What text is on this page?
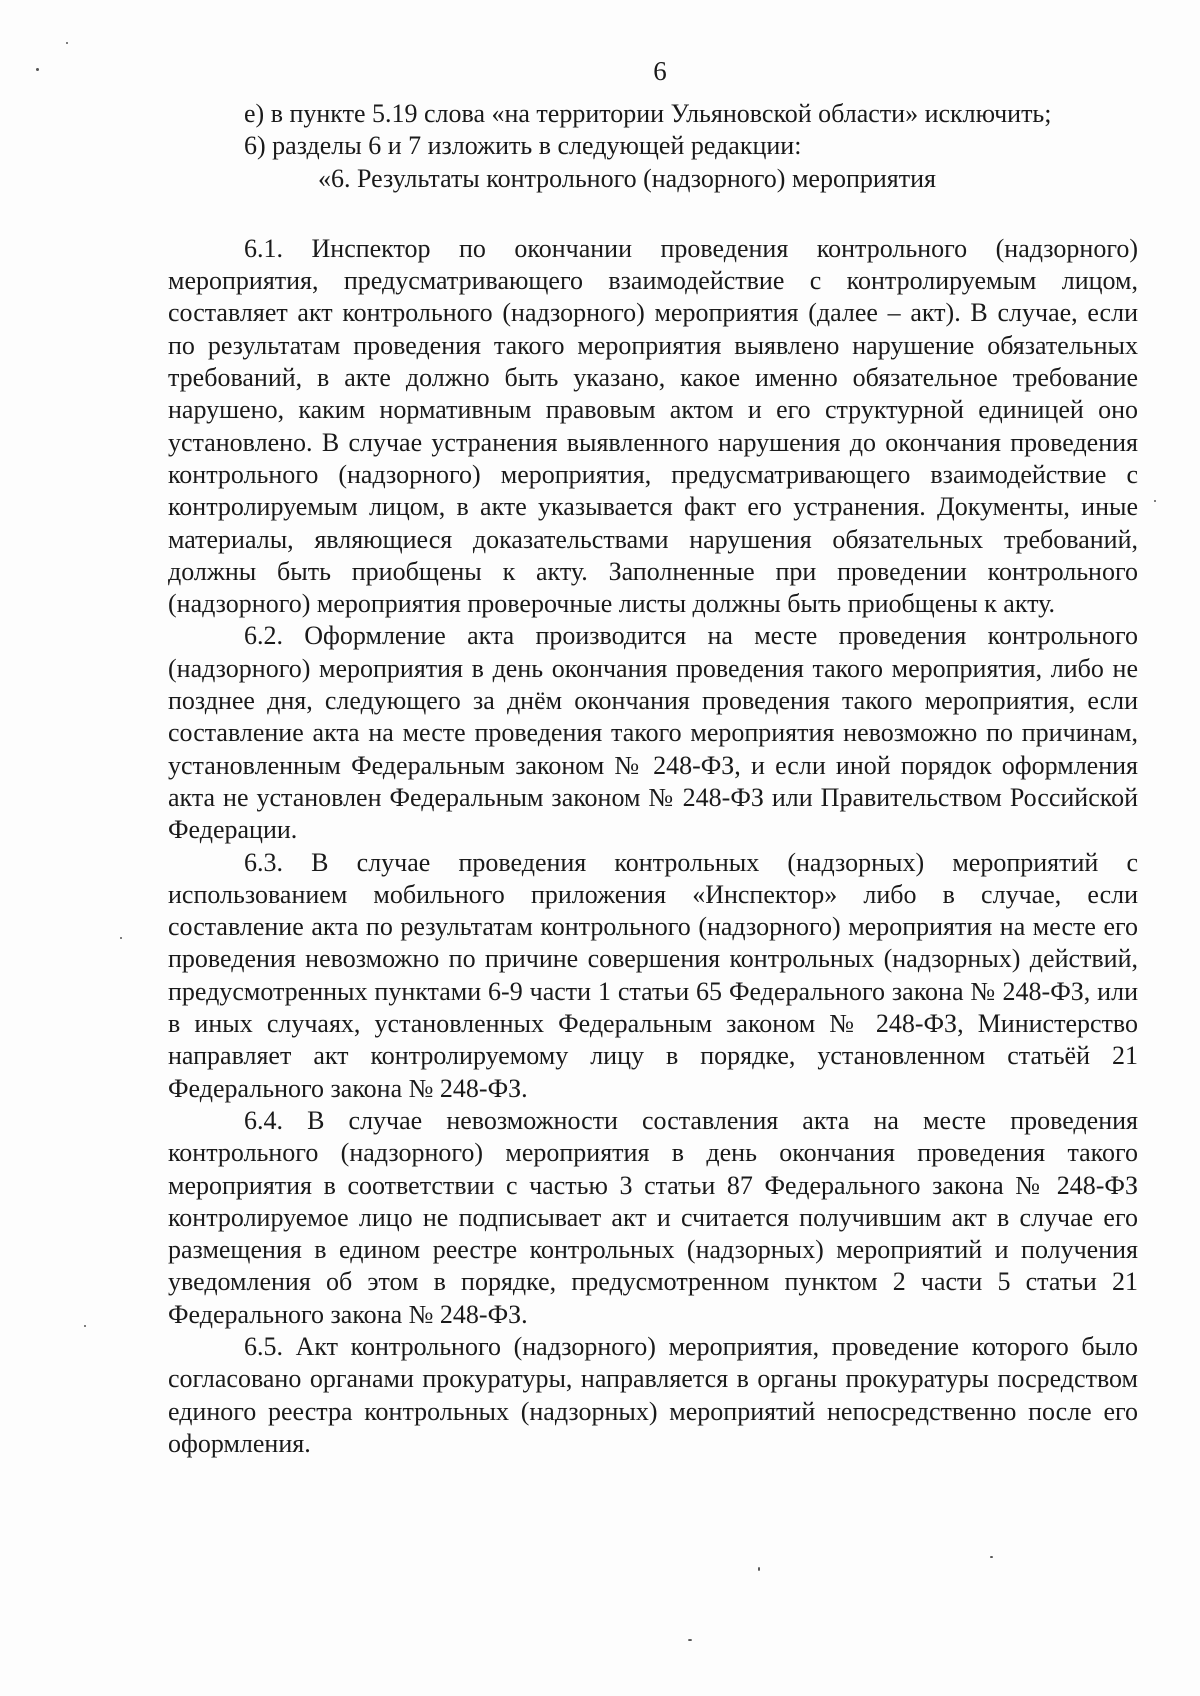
6

е) в пункте 5.19 слова «на территории Ульяновской области» исключить;

6) разделы 6 и 7 изложить в следующей редакции:

«6. Результаты контрольного (надзорного) мероприятия

6.1. Инспектор по окончании проведения контрольного (надзорного) мероприятия, предусматривающего взаимодействие с контролируемым лицом, составляет акт контрольного (надзорного) мероприятия (далее – акт). В случае, если по результатам проведения такого мероприятия выявлено нарушение обязательных требований, в акте должно быть указано, какое именно обязательное требование нарушено, каким нормативным правовым актом и его структурной единицей оно установлено. В случае устранения выявленного нарушения до окончания проведения контрольного (надзорного) мероприятия, предусматривающего взаимодействие с контролируемым лицом, в акте указывается факт его устранения. Документы, иные материалы, являющиеся доказательствами нарушения обязательных требований, должны быть приобщены к акту. Заполненные при проведении контрольного (надзорного) мероприятия проверочные листы должны быть приобщены к акту.

6.2. Оформление акта производится на месте проведения контрольного (надзорного) мероприятия в день окончания проведения такого мероприятия, либо не позднее дня, следующего за днём окончания проведения такого мероприятия, если составление акта на месте проведения такого мероприятия невозможно по причинам, установленным Федеральным законом № 248-ФЗ, и если иной порядок оформления акта не установлен Федеральным законом № 248-ФЗ или Правительством Российской Федерации.

6.3. В случае проведения контрольных (надзорных) мероприятий с использованием мобильного приложения «Инспектор» либо в случае, если составление акта по результатам контрольного (надзорного) мероприятия на месте его проведения невозможно по причине совершения контрольных (надзорных) действий, предусмотренных пунктами 6-9 части 1 статьи 65 Федерального закона № 248-ФЗ, или в иных случаях, установленных Федеральным законом № 248-ФЗ, Министерство направляет акт контролируемому лицу в порядке, установленном статьёй 21 Федерального закона № 248-ФЗ.

6.4. В случае невозможности составления акта на месте проведения контрольного (надзорного) мероприятия в день окончания проведения такого мероприятия в соответствии с частью 3 статьи 87 Федерального закона № 248-ФЗ контролируемое лицо не подписывает акт и считается получившим акт в случае его размещения в едином реестре контрольных (надзорных) мероприятий и получения уведомления об этом в порядке, предусмотренном пунктом 2 части 5 статьи 21 Федерального закона № 248-ФЗ.

6.5. Акт контрольного (надзорного) мероприятия, проведение которого было согласовано органами прокуратуры, направляется в органы прокуратуры посредством единого реестра контрольных (надзорных) мероприятий непосредственно после его оформления.
